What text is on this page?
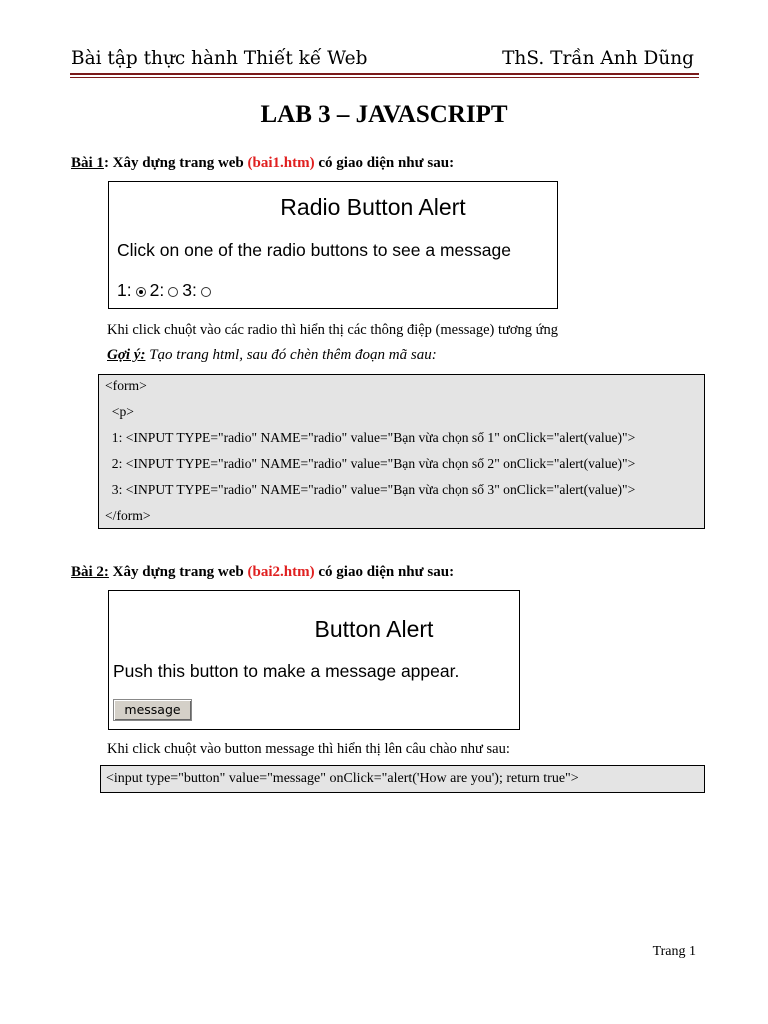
Bài tập thực hành Thiết kế Web	ThS. Trần Anh Dũng
LAB 3 – JAVASCRIPT
Bài 1: Xây dựng trang web (bai1.htm) có giao diện như sau:
Radio Button Alert
Click on one of the radio buttons to see a message
1: 2: 3:
Khi click chuột vào các radio thì hiển thị các thông điệp (message) tương ứng
Gợi ý: Tạo trang html, sau đó chèn thêm đoạn mã sau:
<form>
<p>
1: <INPUT TYPE="radio" NAME="radio" value="Bạn vừa chọn số 1" onClick="alert(value)">
2: <INPUT TYPE="radio" NAME="radio" value="Bạn vừa chọn số 2" onClick="alert(value)">
3: <INPUT TYPE="radio" NAME="radio" value="Bạn vừa chọn số 3" onClick="alert(value)">
</form>
Bài 2: Xây dựng trang web (bai2.htm) có giao diện như sau:
Button Alert
Push this button to make a message appear.
message
Khi click chuột vào button message thì hiển thị lên câu chào như sau:
<input type="button" value="message" onClick="alert('How are you'); return true">
Trang 1
